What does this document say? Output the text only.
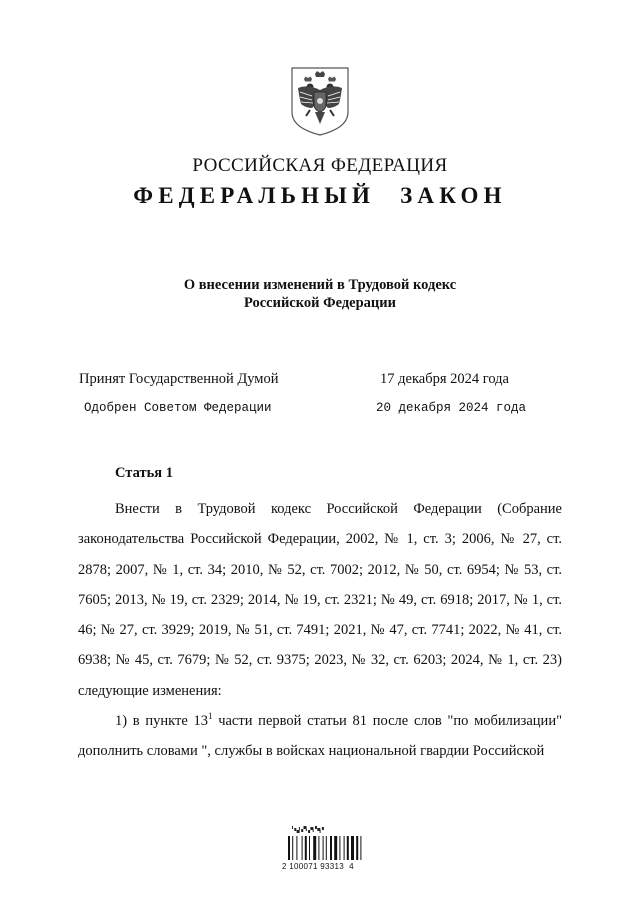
РОССИЙСКАЯ ФЕДЕРАЦИЯ
ФЕДЕРАЛЬНЫЙ ЗАКОН
О внесении изменений в Трудовой кодекс
Российской Федерации
Принят Государственной Думой	17 декабря 2024 года
Одобрен Советом Федерации	20 декабря 2024 года
Статья 1

Внести в Трудовой кодекс Российской Федерации (Собрание законодательства Российской Федерации, 2002, № 1, ст. 3; 2006, № 27, ст. 2878; 2007, № 1, ст. 34; 2010, № 52, ст. 7002; 2012, № 50, ст. 6954; № 53, ст. 7605; 2013, № 19, ст. 2329; 2014, № 19, ст. 2321; № 49, ст. 6918; 2017, № 1, ст. 46; № 27, ст. 3929; 2019, № 51, ст. 7491; 2021, № 47, ст. 7741; 2022, № 41, ст. 6938; № 45, ст. 7679; № 52, ст. 9375; 2023, № 32, ст. 6203; 2024, № 1, ст. 23) следующие изменения:

1) в пункте $13^1$ части первой статьи 81 после слов "по мобилизации" дополнить словами ", службы в войсках национальной гвардии Российской

2 100071 93313  4
